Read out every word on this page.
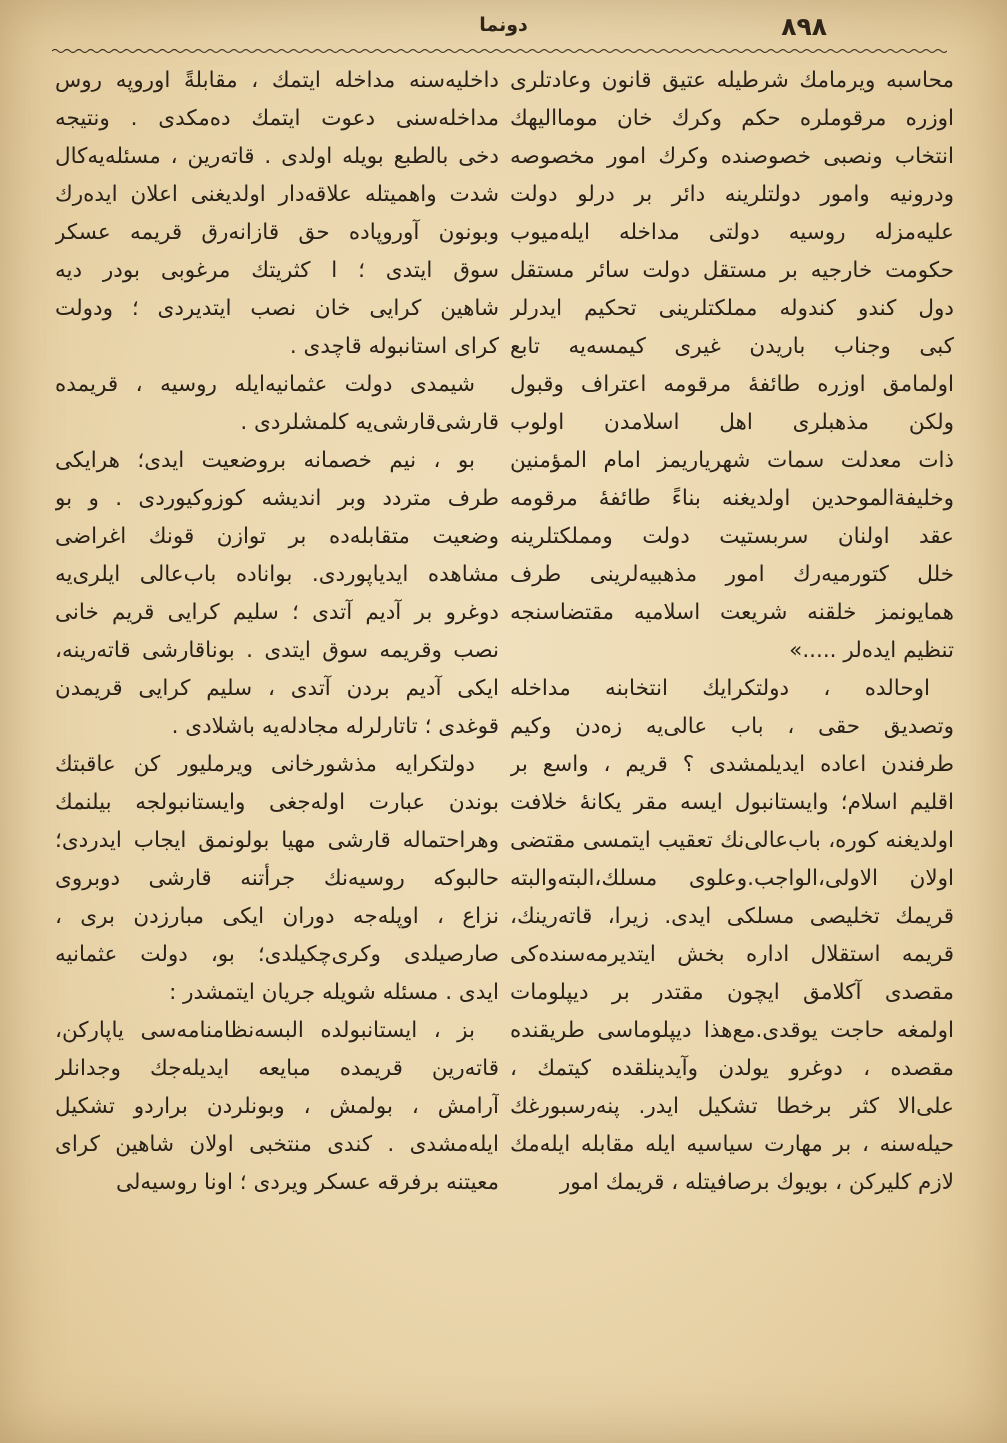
٨٩٨
دونما
محاسبه ويرمامك شرطيله عتيق قانون وعادتلرى
اوزره مرقوملره حكم وكرك خان موماالیهك
انتخاب ونصبى خصوصنده وكرك امور مخصوصه
ودرونيه وامور دولتلرينه دائر بر درلو دولت
عليه‌مزله روسيه دولتى مداخله ايله‌ميوب
حكومت خارجيه بر مستقل دولت سائر مستقل
دول كندو كندوله مملكتلرينى تحكيم ايدرلر
كبى وجناب باريدن غيرى كيمسه‌يه تابع
اولمامق اوزره طائفهٔ مرقومه اعتراف وقبول
ولكن مذهبلرى اهل اسلامدن اولوب
ذات معدلت سمات شهرياريمز امام المؤمنين
وخليفة‌الموحدين اولديغنه بناءً طائفهٔ مرقومه
عقد اولنان سربستيت دولت ومملكتلرينه
خلل كتورميه‌رك امور مذهبيه‌لرينى طرف
همايونمز خلقنه شريعت اسلاميه مقتضاسنجه
تنظيم ايدەلر .....»
اوحالده ، دولتكرايك انتخابنه مداخله
وتصديق حقى ، باب عالى‌يه زەدن وكيم
طرفندن اعاده ايديلمشدى ؟ قريم ، واسع بر
اقليم اسلام؛ وايستانبول ايسه مقر يكانهٔ خلافت
اولديغنه كوره، باب‌عالى‌نك تعقيب ايتمسى مقتضى
اولان الاولى،الواجب.وعلوى مسلك،البته‌والبته
قريمك تخليصى مسلكى ايدى. زيرا، قاتەرينك،
قريمه استقلال اداره بخش ايتديرمه‌سنده‌كى
مقصدى آكلامق ايچون مقتدر بر ديپلومات
اولمغه حاجت يوقدى.مع‌هذا ديپلوماسى طريقنده
مقصده ، دوغرو يولدن وآيدينلقده كيتمك ،
على‌الا كثر برخطا تشكيل ايدر. پنه‌رسبورغك
حيله‌سنه ، بر مهارت سياسيه ايله مقابله ايله‌مك
لازم كليركن ، بويوك برصافيتله ، قريمك امور
داخليه‌سنه مداخله ايتمك ، مقابلةً اوروپه روس
مداخله‌سنى دعوت ايتمك دەمكدى . ونتيجه
دخى بالطبع بويله اولدى . قاتەرين ، مسئله‌يه‌كال
شدت واهميتله علاقه‌دار اولديغنى اعلان ايده‌رك
وبونون آوروپاده حق قازانەرق قريمه عسكر
سوق ايتدى ؛ ا كثريتك مرغوبى بودر ديه
شاهين كرايى خان نصب ايتديردى ؛ ودولت
كراى استانبوله قاچدى .
شيمدى دولت عثمانيه‌ايله روسيه ، قريمده
قارشى‌قارشى‌يه كلمشلردى .
بو ، نيم خصمانه بروضعيت ايدى؛ هرايكى
طرف متردد وبر انديشه كوزوكيوردى . و بو
وضعيت متقابله‌ده بر توازن قونك اغراضى
مشاهده ايدياپوردى. بواناده باب‌عالى ايلرى‌يه
دوغرو بر آديم آتدى ؛ سليم كرايى قريم خانى
نصب وقريمه سوق ايتدى . بوناقارشى قاتەرينه،
ايكى آديم بردن آتدى ، سليم كرايى قريمدن
قوغدى ؛ تاتارلرله مجادله‌يه باشلادى .
دولتكرايه مذشورخانى ويرمليور كن عاقبتك
بوندن عبارت اوله‌جغى وايستانبولجه بيلنمك
وهراحتماله قارشى مهيا بولونمق ايجاب ايدردى؛
حالبوكه روسيه‌نك جرأتنه قارشى دوبروى
نزاع ، اوپله‌جه دوران ايكى مبارزدن برى ،
صارصيلدى وكرى‌چكيلدى؛ بو، دولت عثمانيه
ايدى . مسئله شويله جريان ايتمشدر :
بز ، ايستانبولده البسه‌نظامنامه‌سى ياپاركن،
قاتەرين قريمده مبايعه ايديله‌جك وجدانلر
آرامش ، بولمش ، وبونلردن براردو تشكيل
ايله‌مشدى . كندى منتخبى اولان شاهين كراى
معيتنه برفرقه عسكر ويردى ؛ اونا روسيه‌لى
